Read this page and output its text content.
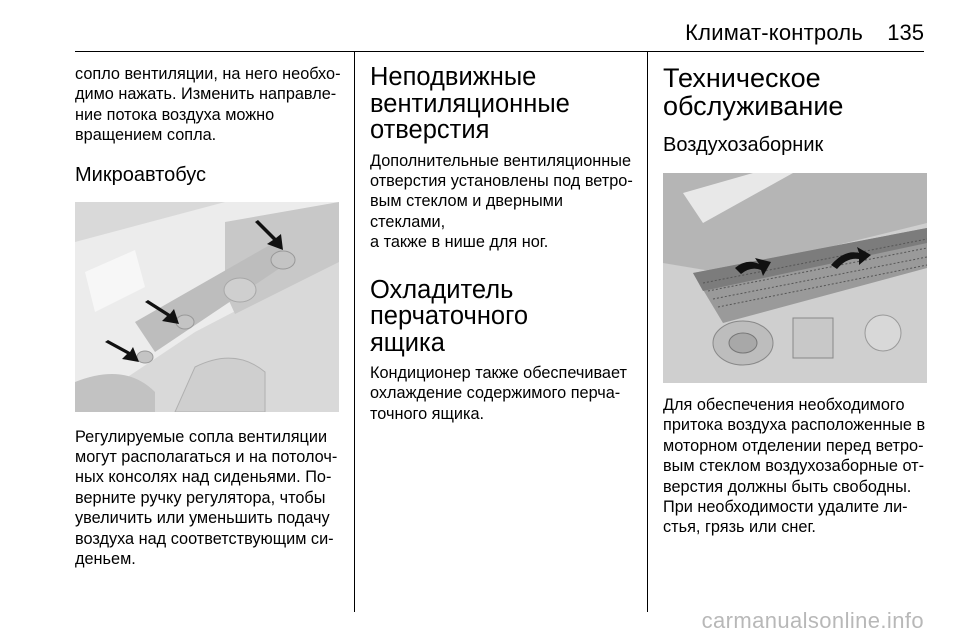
Климат-контроль 135

сопло вентиляции, на него необхо-
димо нажать. Изменить направле-
ние потока воздуха можно
вращением сопла.

Микроавтобус

Регулируемые сопла вентиляции
могут располагаться и на потолоч-
ных консолях над сиденьями. По-
верните ручку регулятора, чтобы
увеличить или уменьшить подачу
воздуха над соответствующим си-
деньем.

Неподвижные
вентиляционные
отверстия

Дополнительные вентиляционные
отверстия установлены под ветро-
вым стеклом и дверными стеклами,
а также в нише для ног.

Охладитель перчаточного
ящика

Кондиционер также обеспечивает
охлаждение содержимого перча-
точного ящика.

Техническое
обслуживание
Воздухозаборник

Для обеспечения необходимого
притока воздуха расположенные в
моторном отделении перед ветро-
вым стеклом воздухозаборные от-
верстия должны быть свободны.
При необходимости удалите ли-
стья, грязь или снег.

carmanualsonline.info
